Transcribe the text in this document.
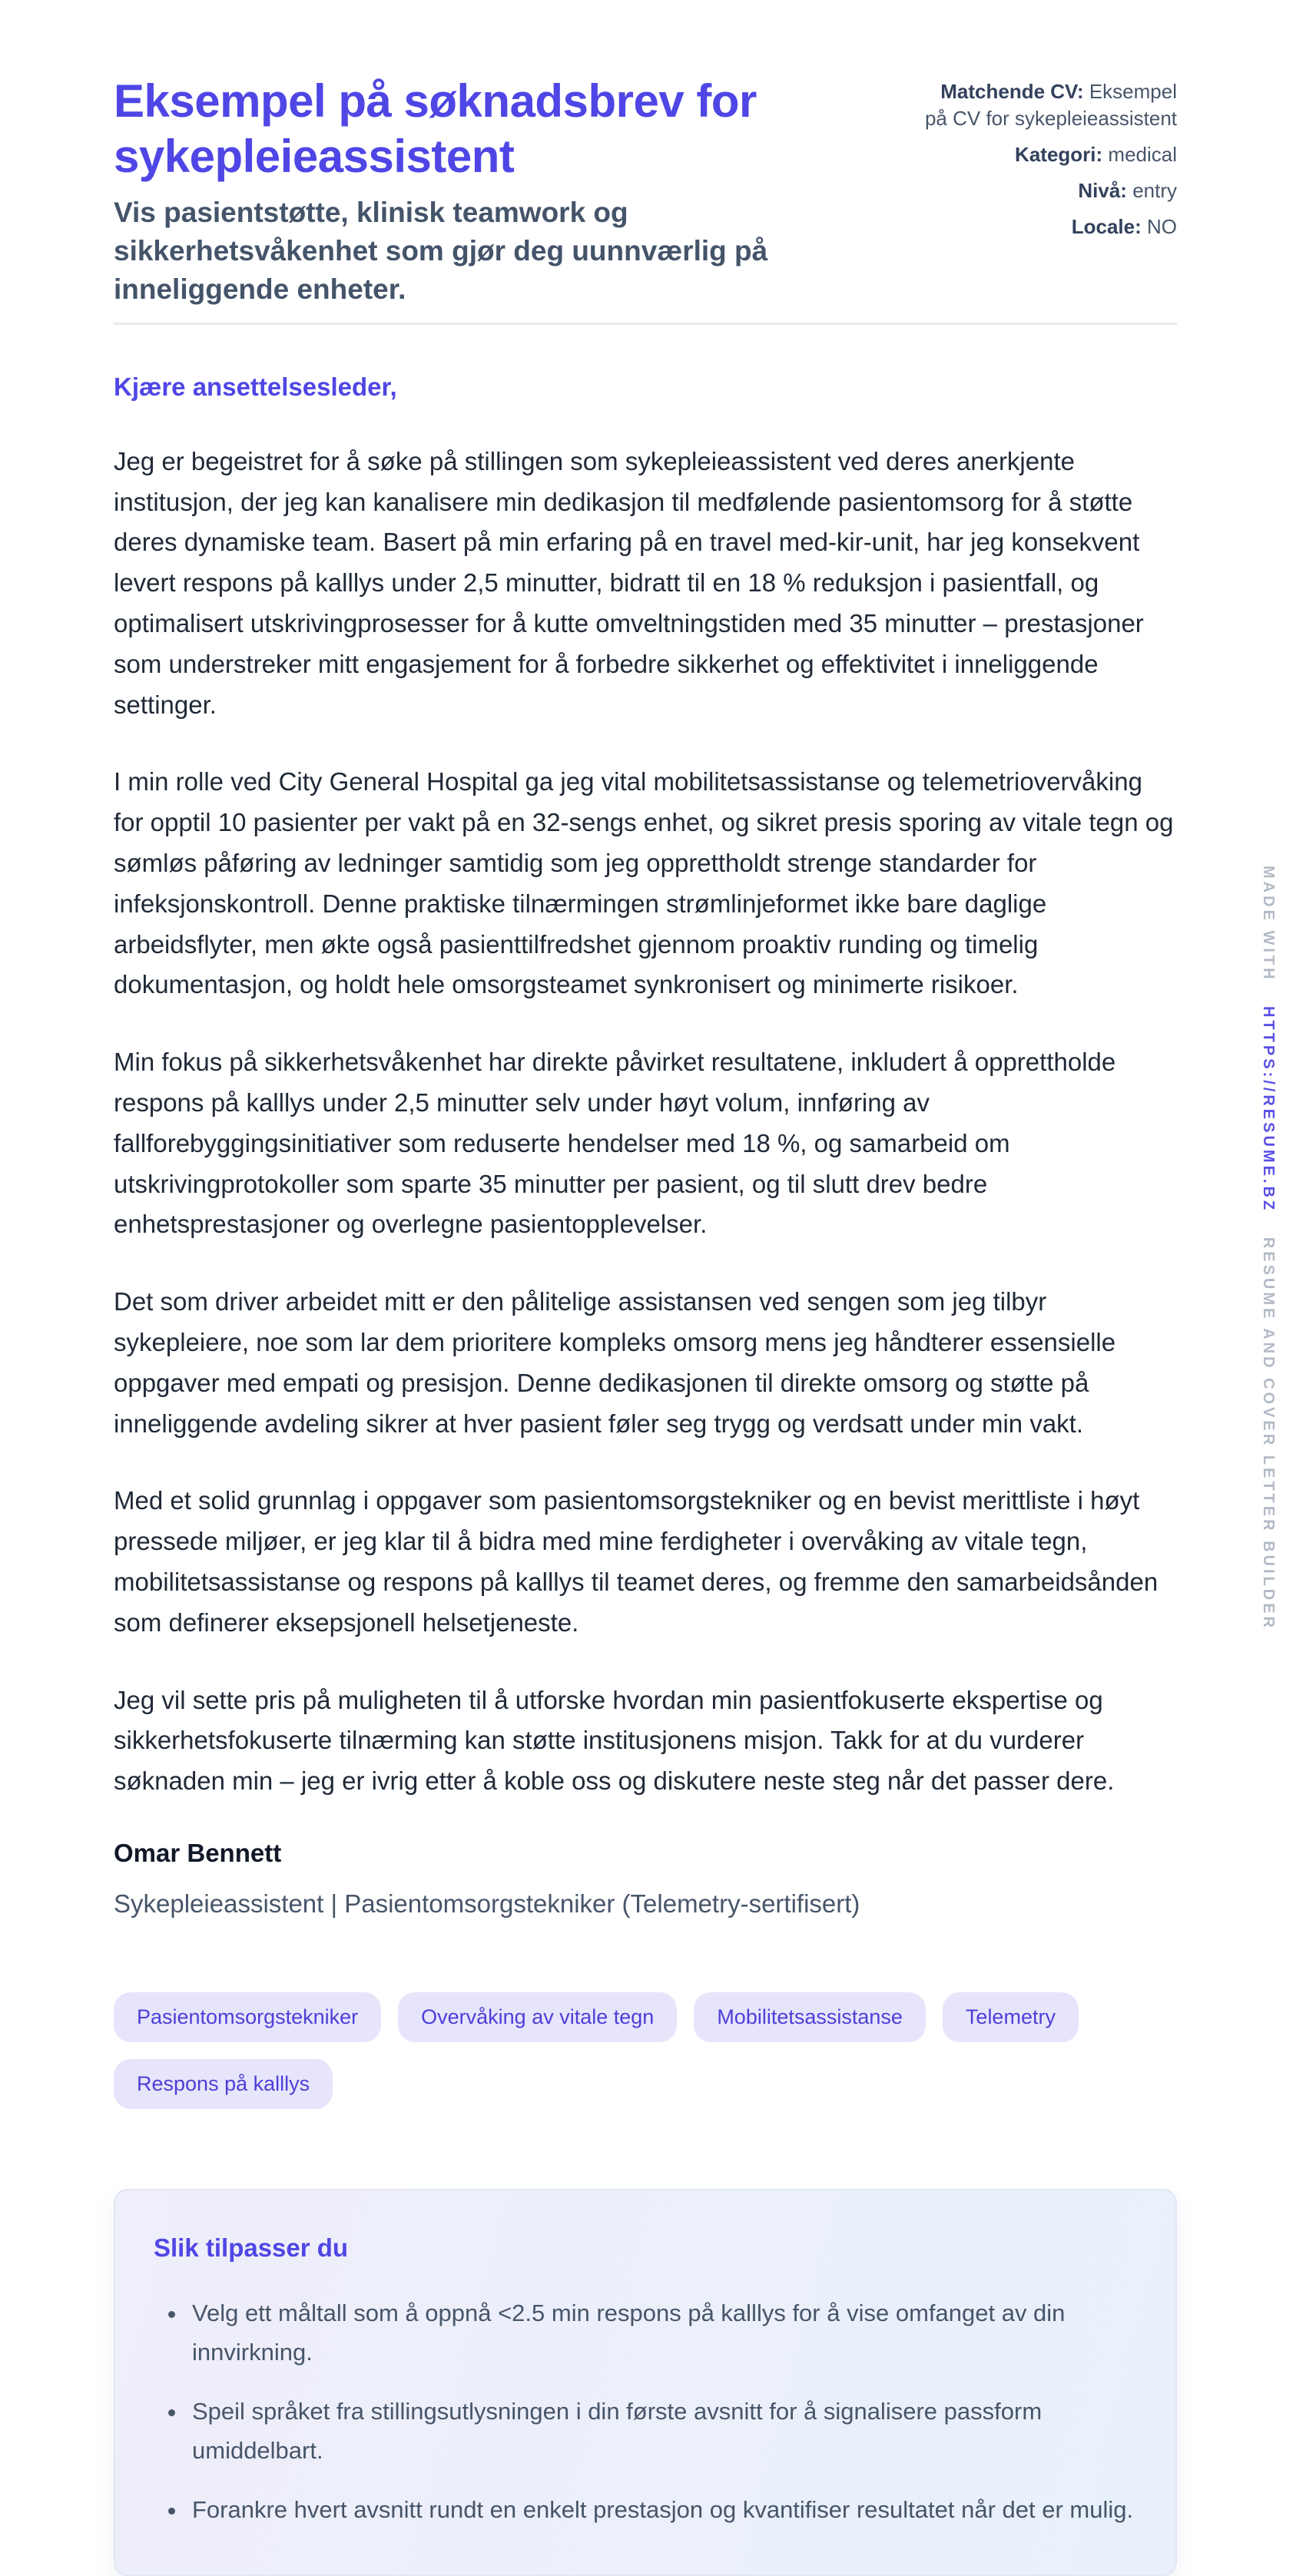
Eksempel på søknadsbrev for sykepleieassistent
Vis pasientstøtte, klinisk teamwork og sikkerhetsvåkenhet som gjør deg uunnværlig på inneliggende enheter.
Matchende CV: Eksempel på CV for sykepleieassistent
Kategori: medical
Nivå: entry
Locale: NO

Kjære ansettelsesleder,

Jeg er begeistret for å søke på stillingen som sykepleieassistent ved deres anerkjente institusjon, der jeg kan kanalisere min dedikasjon til medfølende pasientomsorg for å støtte deres dynamiske team. Basert på min erfaring på en travel med-kir-unit, har jeg konsekvent levert respons på kalllys under 2,5 minutter, bidratt til en 18 % reduksjon i pasientfall, og optimalisert utskrivingprosesser for å kutte omveltningstiden med 35 minutter – prestasjoner som understreker mitt engasjement for å forbedre sikkerhet og effektivitet i inneliggende settinger.

I min rolle ved City General Hospital ga jeg vital mobilitetsassistanse og telemetriovervåking for opptil 10 pasienter per vakt på en 32-sengs enhet, og sikret presis sporing av vitale tegn og sømløs påføring av ledninger samtidig som jeg opprettholdt strenge standarder for infeksjonskontroll. Denne praktiske tilnærmingen strømlinjeformet ikke bare daglige arbeidsflyter, men økte også pasienttilfredshet gjennom proaktiv runding og timelig dokumentasjon, og holdt hele omsorgsteamet synkronisert og minimerte risikoer.

Min fokus på sikkerhetsvåkenhet har direkte påvirket resultatene, inkludert å opprettholde respons på kalllys under 2,5 minutter selv under høyt volum, innføring av fallforebyggingsinitiativer som reduserte hendelser med 18 %, og samarbeid om utskrivingprotokoller som sparte 35 minutter per pasient, og til slutt drev bedre enhetsprestasjoner og overlegne pasientopplevelser.

Det som driver arbeidet mitt er den pålitelige assistansen ved sengen som jeg tilbyr sykepleiere, noe som lar dem prioritere kompleks omsorg mens jeg håndterer essensielle oppgaver med empati og presisjon. Denne dedikasjonen til direkte omsorg og støtte på inneliggende avdeling sikrer at hver pasient føler seg trygg og verdsatt under min vakt.

Med et solid grunnlag i oppgaver som pasientomsorgstekniker og en bevist merittliste i høyt pressede miljøer, er jeg klar til å bidra med mine ferdigheter i overvåking av vitale tegn, mobilitetsassistanse og respons på kalllys til teamet deres, og fremme den samarbeidsånden som definerer eksepsjonell helsetjeneste.

Jeg vil sette pris på muligheten til å utforske hvordan min pasientfokuserte ekspertise og sikkerhetsfokuserte tilnærming kan støtte institusjonens misjon. Takk for at du vurderer søknaden min – jeg er ivrig etter å koble oss og diskutere neste steg når det passer dere.

Omar Bennett

Sykepleieassistent | Pasientomsorgstekniker (Telemetry-sertifisert)

Pasientomsorgstekniker	Overvåking av vitale tegn	Mobilitetsassistanse	Telemetry
Respons på kalllys
Slik tilpasser du
• Velg ett måltall som å oppnå <2.5 min respons på kalllys for å vise omfanget av din innvirkning.
• Speil språket fra stillingsutlysningen i din første avsnitt for å signalisere passform umiddelbart.
• Forankre hvert avsnitt rundt en enkelt prestasjon og kvantifiser resultatet når det er mulig.
MADE WITH HTTPS://RESUME.BZ RESUME AND COVER LETTER BUILDER
